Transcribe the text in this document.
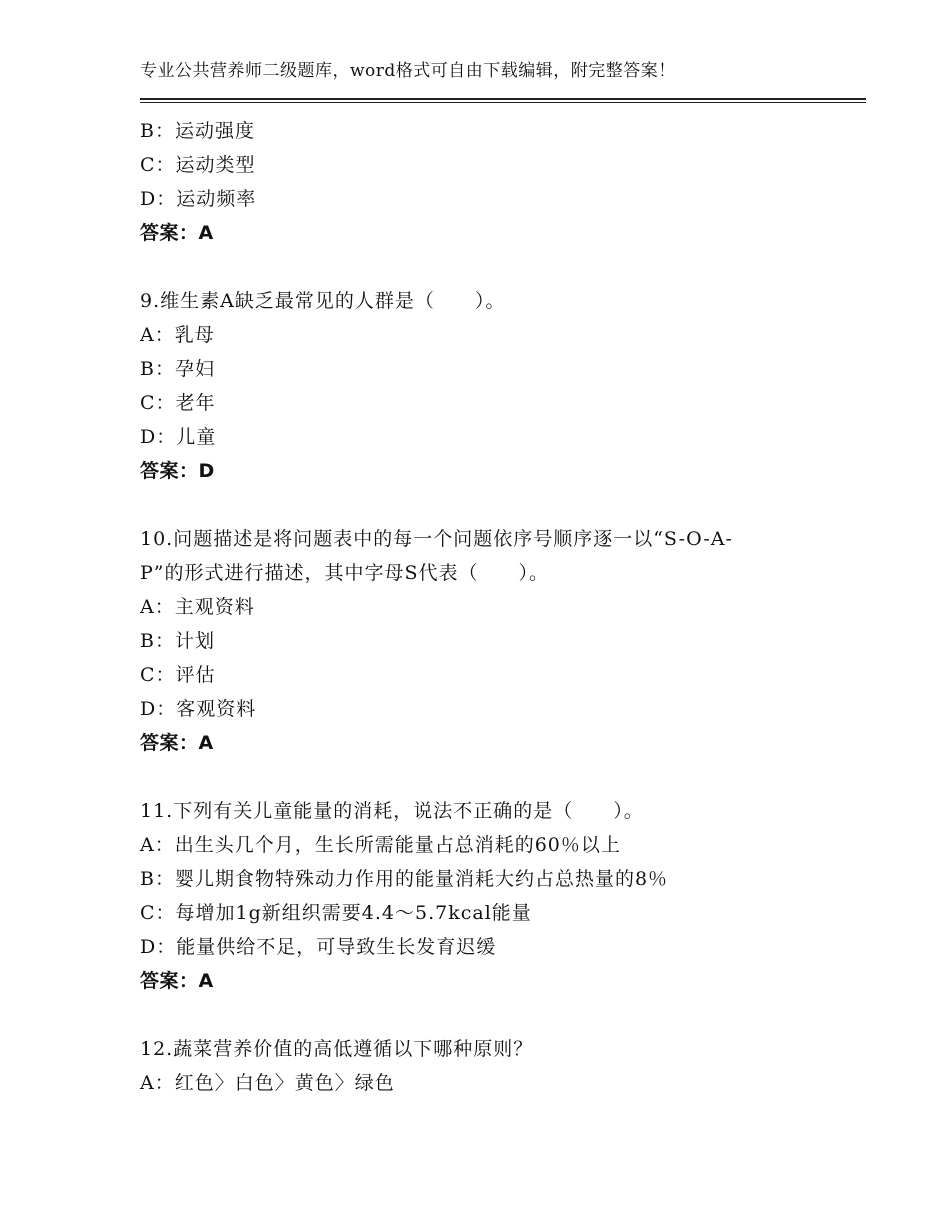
专业公共营养师二级题库，word格式可自由下载编辑，附完整答案！
B：运动强度
C：运动类型
D：运动频率
答案：A
9.维生素A缺乏最常见的人群是（　　）。
A：乳母
B：孕妇
C：老年
D：儿童
答案：D
10.问题描述是将问题表中的每一个问题依序号顺序逐一以“S-O-A-
P”的形式进行描述，其中字母S代表（　　）。
A：主观资料
B：计划
C：评估
D：客观资料
答案：A
11.下列有关儿童能量的消耗，说法不正确的是（　　）。
A：出生头几个月，生长所需能量占总消耗的60％以上
B：婴儿期食物特殊动力作用的能量消耗大约占总热量的8％
C：每增加1g新组织需要4.4～5.7kcal能量
D：能量供给不足，可导致生长发育迟缓
答案：A
12.蔬菜营养价值的高低遵循以下哪种原则？
A：红色〉白色〉黄色〉绿色
